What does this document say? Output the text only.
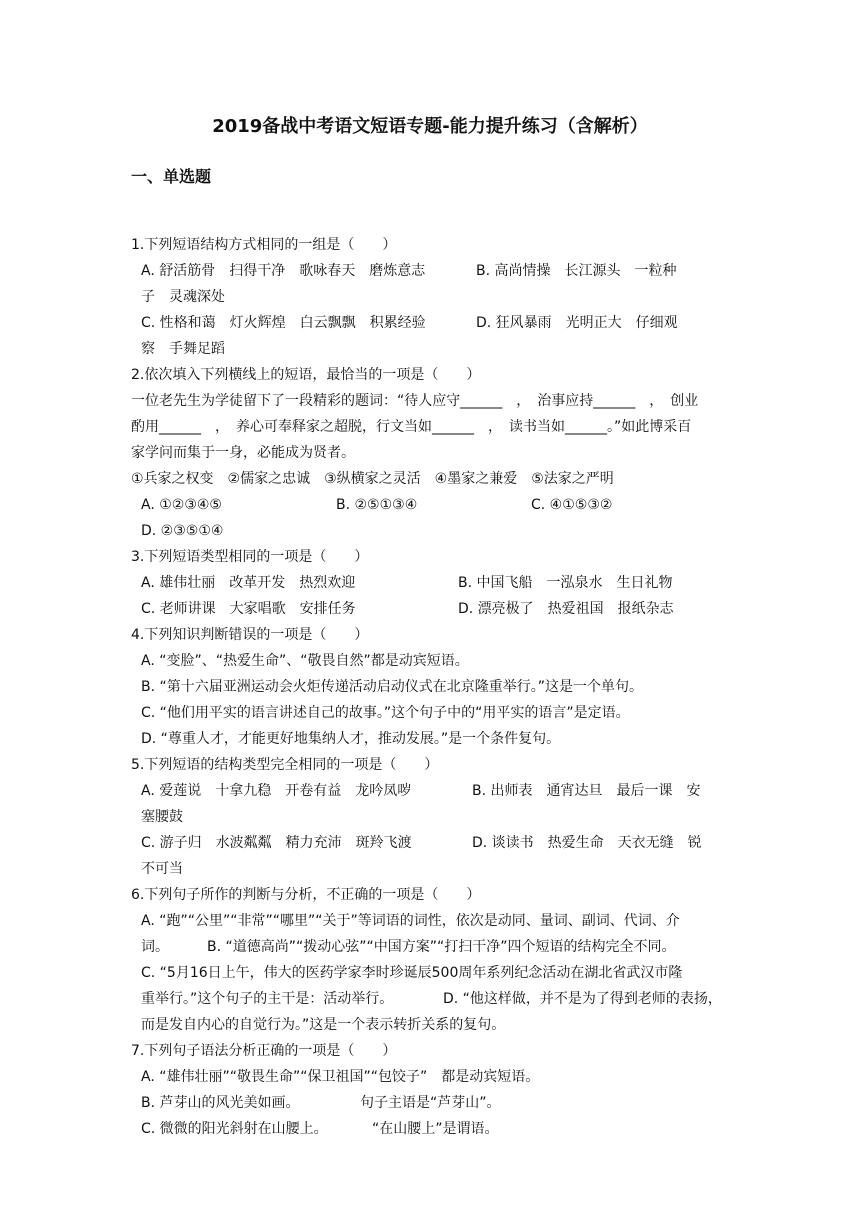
2019备战中考语文短语专题-能力提升练习（含解析）
一、单选题
1.下列短语结构方式相同的一组是（　　）
A. 舒活筋骨　扫得干净　歌咏春天　磨炼意志	B. 高尚情操　长江源头　一粒种
子　灵魂深处
C. 性格和蔼　灯火辉煌　白云飘飘　积累经验	D. 狂风暴雨　光明正大　仔细观
察　手舞足蹈
2.依次填入下列横线上的短语，最恰当的一项是（　　）
一位老先生为学徒留下了一段精彩的题词：“待人应守______　，　治事应持______　，　创业
酌用______　，　养心可奉释家之超脱，行文当如______　，　读书当如______。”如此博采百
家学问而集于一身，必能成为贤者。
①兵家之权变　②儒家之忠诚　③纵横家之灵活　④墨家之兼爱　⑤法家之严明
A. ①②③④⑤	B. ②⑤①③④	C. ④①⑤③②
D. ②③⑤①④
3.下列短语类型相同的一项是（　　）
A. 雄伟壮丽　改革开发　热烈欢迎	B. 中国飞船　一泓泉水　生日礼物
C. 老师讲课　大家唱歌　安排任务	D. 漂亮极了　热爱祖国　报纸杂志
4.下列知识判断错误的一项是（　　）
A. “变脸”、“热爱生命”、“敬畏自然”都是动宾短语。
B. “第十六届亚洲运动会火炬传递活动启动仪式在北京隆重举行。”这是一个单句。
C. “他们用平实的语言讲述自己的故事。”这个句子中的“用平实的语言”是定语。
D. “尊重人才，才能更好地集纳人才，推动发展。”是一个条件复句。
5.下列短语的结构类型完全相同的一项是（　　）
A. 爱莲说　十拿九稳　开卷有益　龙吟凤哕	B. 出师表　通宵达旦　最后一课　安
塞腰鼓
C. 游子归　水波粼粼　精力充沛　斑羚飞渡	D. 谈读书　热爱生命　天衣无缝　锐
不可当
6.下列句子所作的判断与分析，不正确的一项是（　　）
A. “跑”“公里”“非常”“哪里”“关于”等词语的词性，依次是动同、量词、副词、代词、介
词。	B. “道德高尚”“拨动心弦”“中国方案”“打扫干净”四个短语的结构完全不同。
C. “5月16日上午，伟大的医药学家李时珍诞辰500周年系列纪念活动在湖北省武汉市隆
重举行。”这个句子的主干是：活动举行。	D. “他这样做，并不是为了得到老师的表扬，
而是发自内心的自觉行为。”这是一个表示转折关系的复句。
7.下列句子语法分析正确的一项是（　　）
A. “雄伟壮丽”“敬畏生命”“保卫祖国”“包饺子”　都是动宾短语。
B. 芦芽山的风光美如画。	句子主语是“芦芽山”。
C. 微微的阳光斜射在山腰上。	“在山腰上”是谓语。
